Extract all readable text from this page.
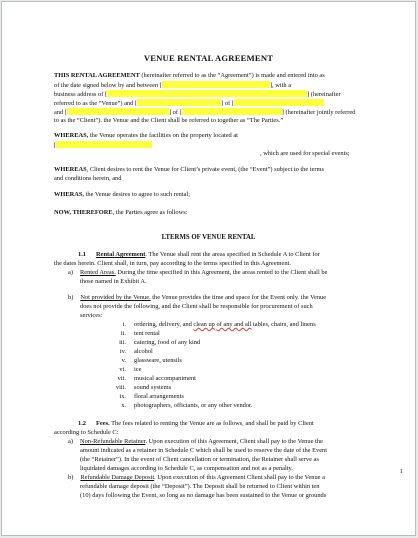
VENUE RENTAL AGREEMENT
THIS RENTAL AGREEMENT (hereinafter referred to as the “Agreement”) is made and entered into as
of the date signed below by and between [	], with a
business address of [	] (hereinafter
referred to as the “Venue”) and [	] of [
and [	] of [	] (hereinafter jointly referred
to as the “Client”). the Venue and the Client shall be referred to together as “The Parties.”
WHEREAS, the Venue operates the facilities on the property located at
[
, which are used for special events;
WHEREAS, Client desires to rent the Venue for Client’s private event, (the “Event”) subject to the terms
and conditions herein, and
WHERAS, the Venue desires to agree to such rental;
NOW, THEREFORE, the Parties agree as follows:
LTERMS OF VENUE RENTAL
1.1 Rental Agreement. The Venue shall rent the areas specified in Schedule A to Client for
the dates herein. Client shall, in turn, pay according to the terms specified in this Agreement.
a) Rented Areas. During the time specified in this Agreement, the areas rented to the Client shall be
those named in Exhibit A.
b) Not provided by the Venue. the Venue provides the time and space for the Event only. the Venue
does not provide the following, and the Client shall be responsible for procurement of such
services:
i. ordering, delivery, and clean up of any and all tables, chairs, and linens
ii. tent rental
iii. catering, food of any kind
iv. alcohol
v. glassware, utensils
vi. ice
vii. musical accompaniment
viii. sound systems
ix. floral arrangements
x. photographers, officiants, or any other vendor.
1.2 Fees. The fees related to renting the Venue are as follows, and shall be paid by Client
according to Schedule C:
a) Non-Refundable Retainer. Upon execution of this Agreement, Client shall pay to the Venue the
amount indicated as a retainer in Schedule C which shall be used to reserve the date of the Event
(the “Retainer”). In the event of Client cancellation or termination, the Retainer shall serve as
liquidated damages according to Schedule C, as compensation and not as a penalty.
b) Refundable Damage Deposit. Upon execution of this Agreement Client shall pay to the Venue a
refundable damage deposit (the “Deposit”). The Deposit shall be returned to Client within ten
(10) days following the Event, so long as no damage has been sustained to the Venue or grounds
1
